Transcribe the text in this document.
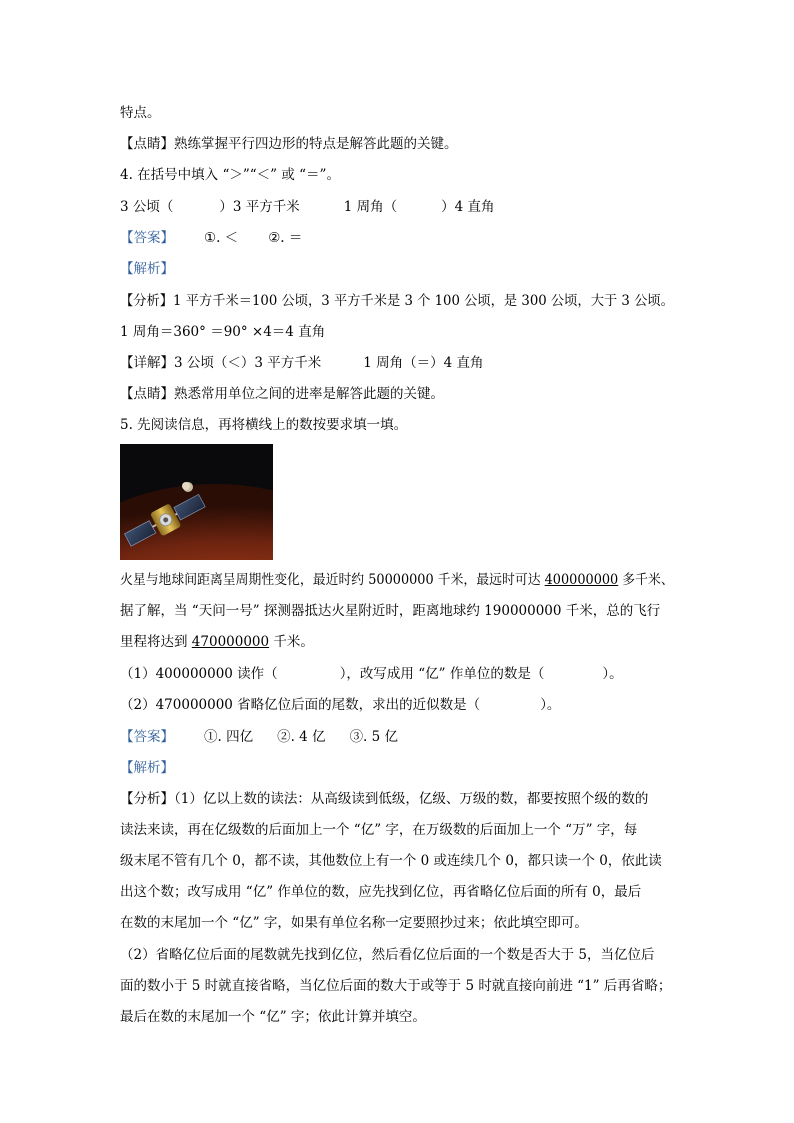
特点。
【点睛】熟练掌握平行四边形的特点是解答此题的关键。
4. 在括号中填入 “＞”“＜” 或 “＝”。
3 公顷（	）3 平方千米	1 周角（	）4 直角
【答案】 ①. ＜ ②. ＝
【解析】
【分析】1 平方千米＝100 公顷，3 平方千米是 3 个 100 公顷，是 300 公顷，大于 3 公顷。
1 周角＝360° ＝90° ×4＝4 直角
【详解】3 公顷（＜）3 平方千米	1 周角（＝）4 直角
【点睛】熟悉常用单位之间的进率是解答此题的关键。
5. 先阅读信息，再将横线上的数按要求填一填。
火星与地球间距离呈周期性变化，最近时约 50000000 千米，最远时可达 400000000 多千米、
据了解，当 “天问一号” 探测器抵达火星附近时，距离地球约 190000000 千米，总的飞行
里程将达到 470000000 千米。
（1）400000000 读作（	），改写成用 “亿” 作单位的数是（	）。
（2）470000000 省略亿位后面的尾数，求出的近似数是（	）。
【答案】 ①. 四亿 ②. 4 亿 ③. 5 亿
【解析】
【分析】（1）亿以上数的读法：从高级读到低级，亿级、万级的数，都要按照个级的数的
读法来读，再在亿级数的后面加上一个 “亿” 字，在万级数的后面加上一个 “万” 字，每
级末尾不管有几个 0，都不读，其他数位上有一个 0 或连续几个 0，都只读一个 0，依此读
出这个数；改写成用 “亿” 作单位的数，应先找到亿位，再省略亿位后面的所有 0，最后
在数的末尾加一个 “亿” 字，如果有单位名称一定要照抄过来；依此填空即可。
（2）省略亿位后面的尾数就先找到亿位，然后看亿位后面的一个数是否大于 5，当亿位后
面的数小于 5 时就直接省略，当亿位后面的数大于或等于 5 时就直接向前进 “1” 后再省略；
最后在数的末尾加一个 “亿” 字；依此计算并填空。
